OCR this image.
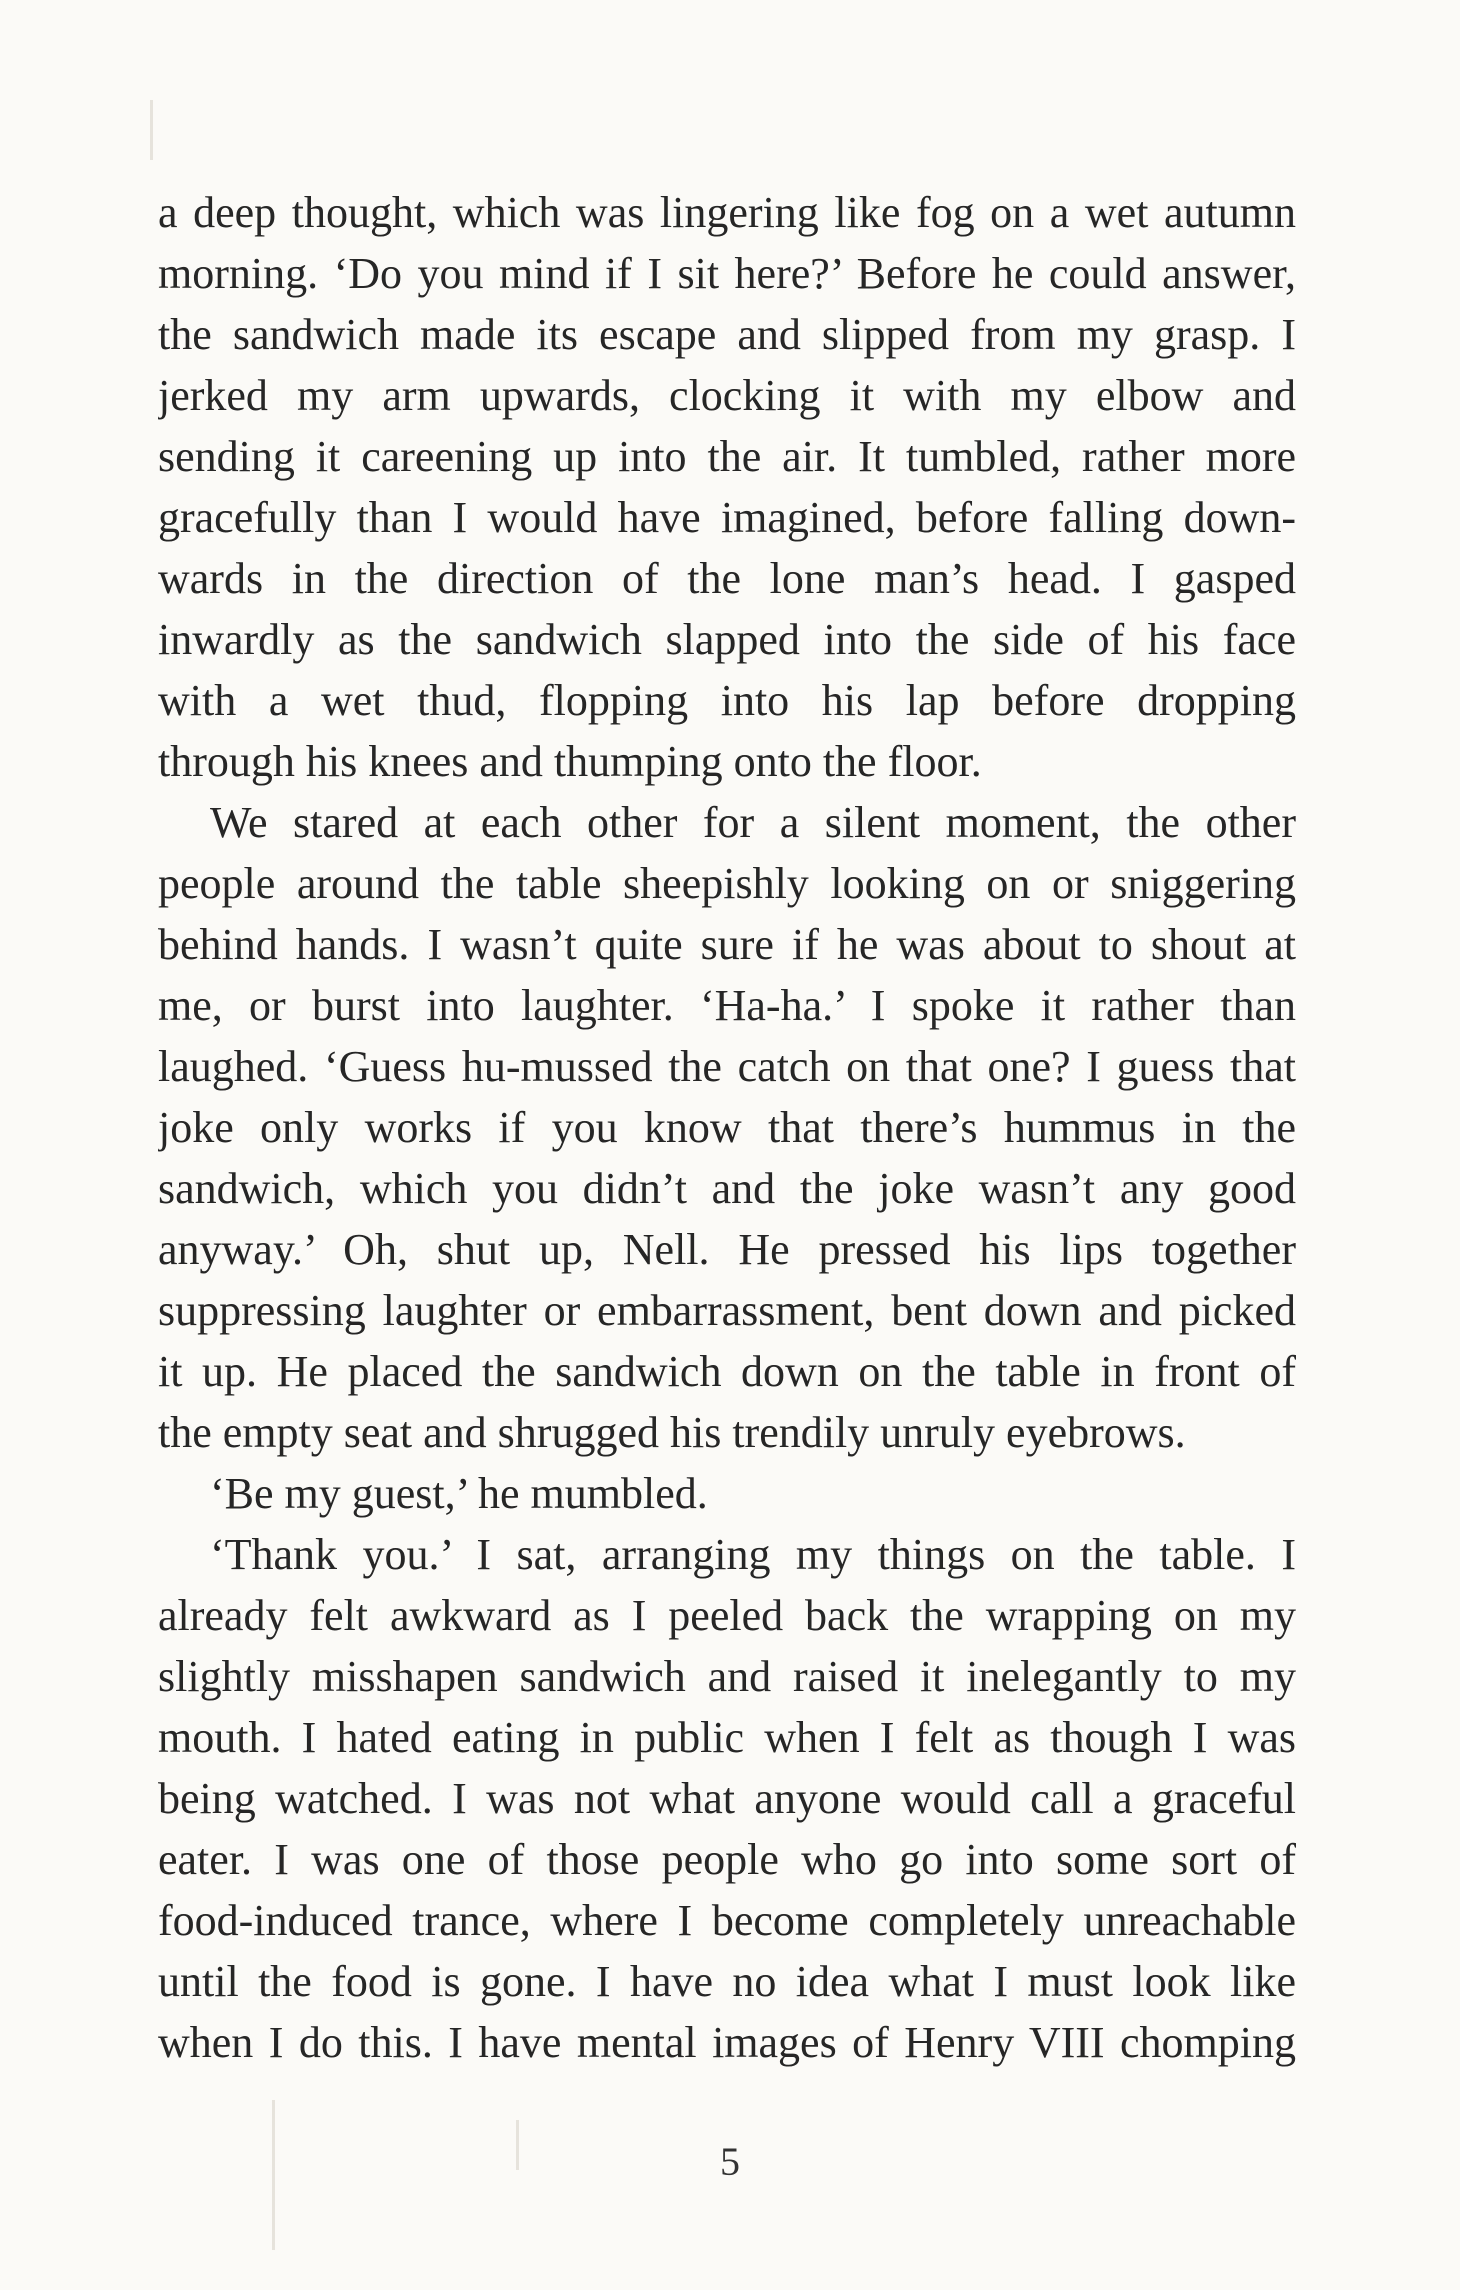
a deep thought, which was lingering like fog on a wet autumn
morning. ‘Do you mind if I sit here?’ Before he could answer,
the sandwich made its escape and slipped from my grasp. I
jerked my arm upwards, clocking it with my elbow and
sending it careening up into the air. It tumbled, rather more
gracefully than I would have imagined, before falling down-
wards in the direction of the lone man’s head. I gasped
inwardly as the sandwich slapped into the side of his face
with a wet thud, flopping into his lap before dropping
through his knees and thumping onto the floor.
We stared at each other for a silent moment, the other
people around the table sheepishly looking on or sniggering
behind hands. I wasn’t quite sure if he was about to shout at
me, or burst into laughter. ‘Ha-ha.’ I spoke it rather than
laughed. ‘Guess hu-mussed the catch on that one? I guess that
joke only works if you know that there’s hummus in the
sandwich, which you didn’t and the joke wasn’t any good
anyway.’ Oh, shut up, Nell. He pressed his lips together
suppressing laughter or embarrassment, bent down and picked
it up. He placed the sandwich down on the table in front of
the empty seat and shrugged his trendily unruly eyebrows.
‘Be my guest,’ he mumbled.
‘Thank you.’ I sat, arranging my things on the table. I
already felt awkward as I peeled back the wrapping on my
slightly misshapen sandwich and raised it inelegantly to my
mouth. I hated eating in public when I felt as though I was
being watched. I was not what anyone would call a graceful
eater. I was one of those people who go into some sort of
food-induced trance, where I become completely unreachable
until the food is gone. I have no idea what I must look like
when I do this. I have mental images of Henry VIII chomping
5
